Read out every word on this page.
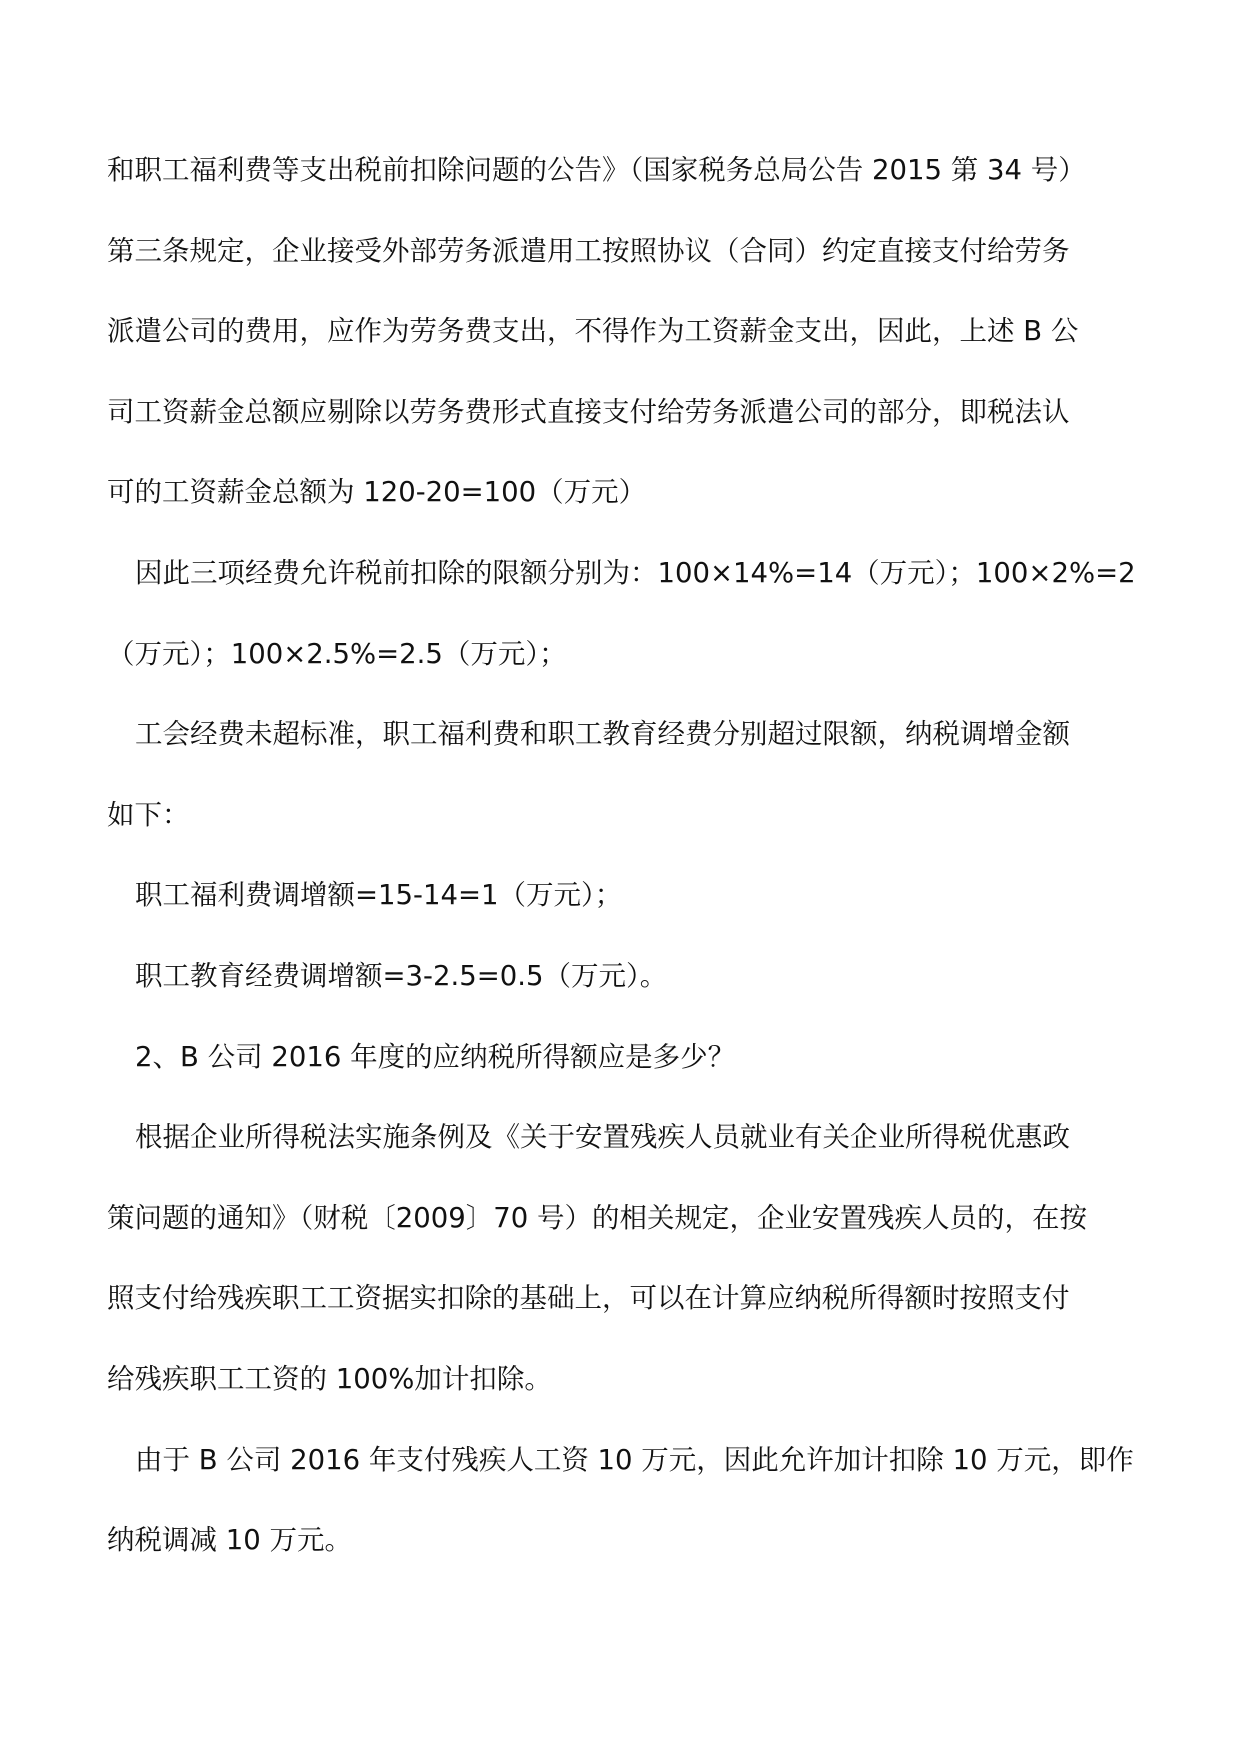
和职工福利费等支出税前扣除问题的公告》（国家税务总局公告 2015 第 34 号）
第三条规定，企业接受外部劳务派遣用工按照协议（合同）约定直接支付给劳务
派遣公司的费用，应作为劳务费支出，不得作为工资薪金支出，因此，上述 B 公
司工资薪金总额应剔除以劳务费形式直接支付给劳务派遣公司的部分，即税法认
可的工资薪金总额为 120-20=100（万元）
因此三项经费允许税前扣除的限额分别为：100×14%=14（万元）；100×2%=2
（万元）；100×2.5%=2.5（万元）；
工会经费未超标准，职工福利费和职工教育经费分别超过限额，纳税调增金额
如下：
职工福利费调增额=15-14=1（万元）；
职工教育经费调增额=3-2.5=0.5（万元）。
2、B 公司 2016 年度的应纳税所得额应是多少？
根据企业所得税法实施条例及《关于安置残疾人员就业有关企业所得税优惠政
策问题的通知》（财税〔2009〕70 号）的相关规定，企业安置残疾人员的，在按
照支付给残疾职工工资据实扣除的基础上，可以在计算应纳税所得额时按照支付
给残疾职工工资的 100%加计扣除。
由于 B 公司 2016 年支付残疾人工资 10 万元，因此允许加计扣除 10 万元，即作
纳税调减 10 万元。
